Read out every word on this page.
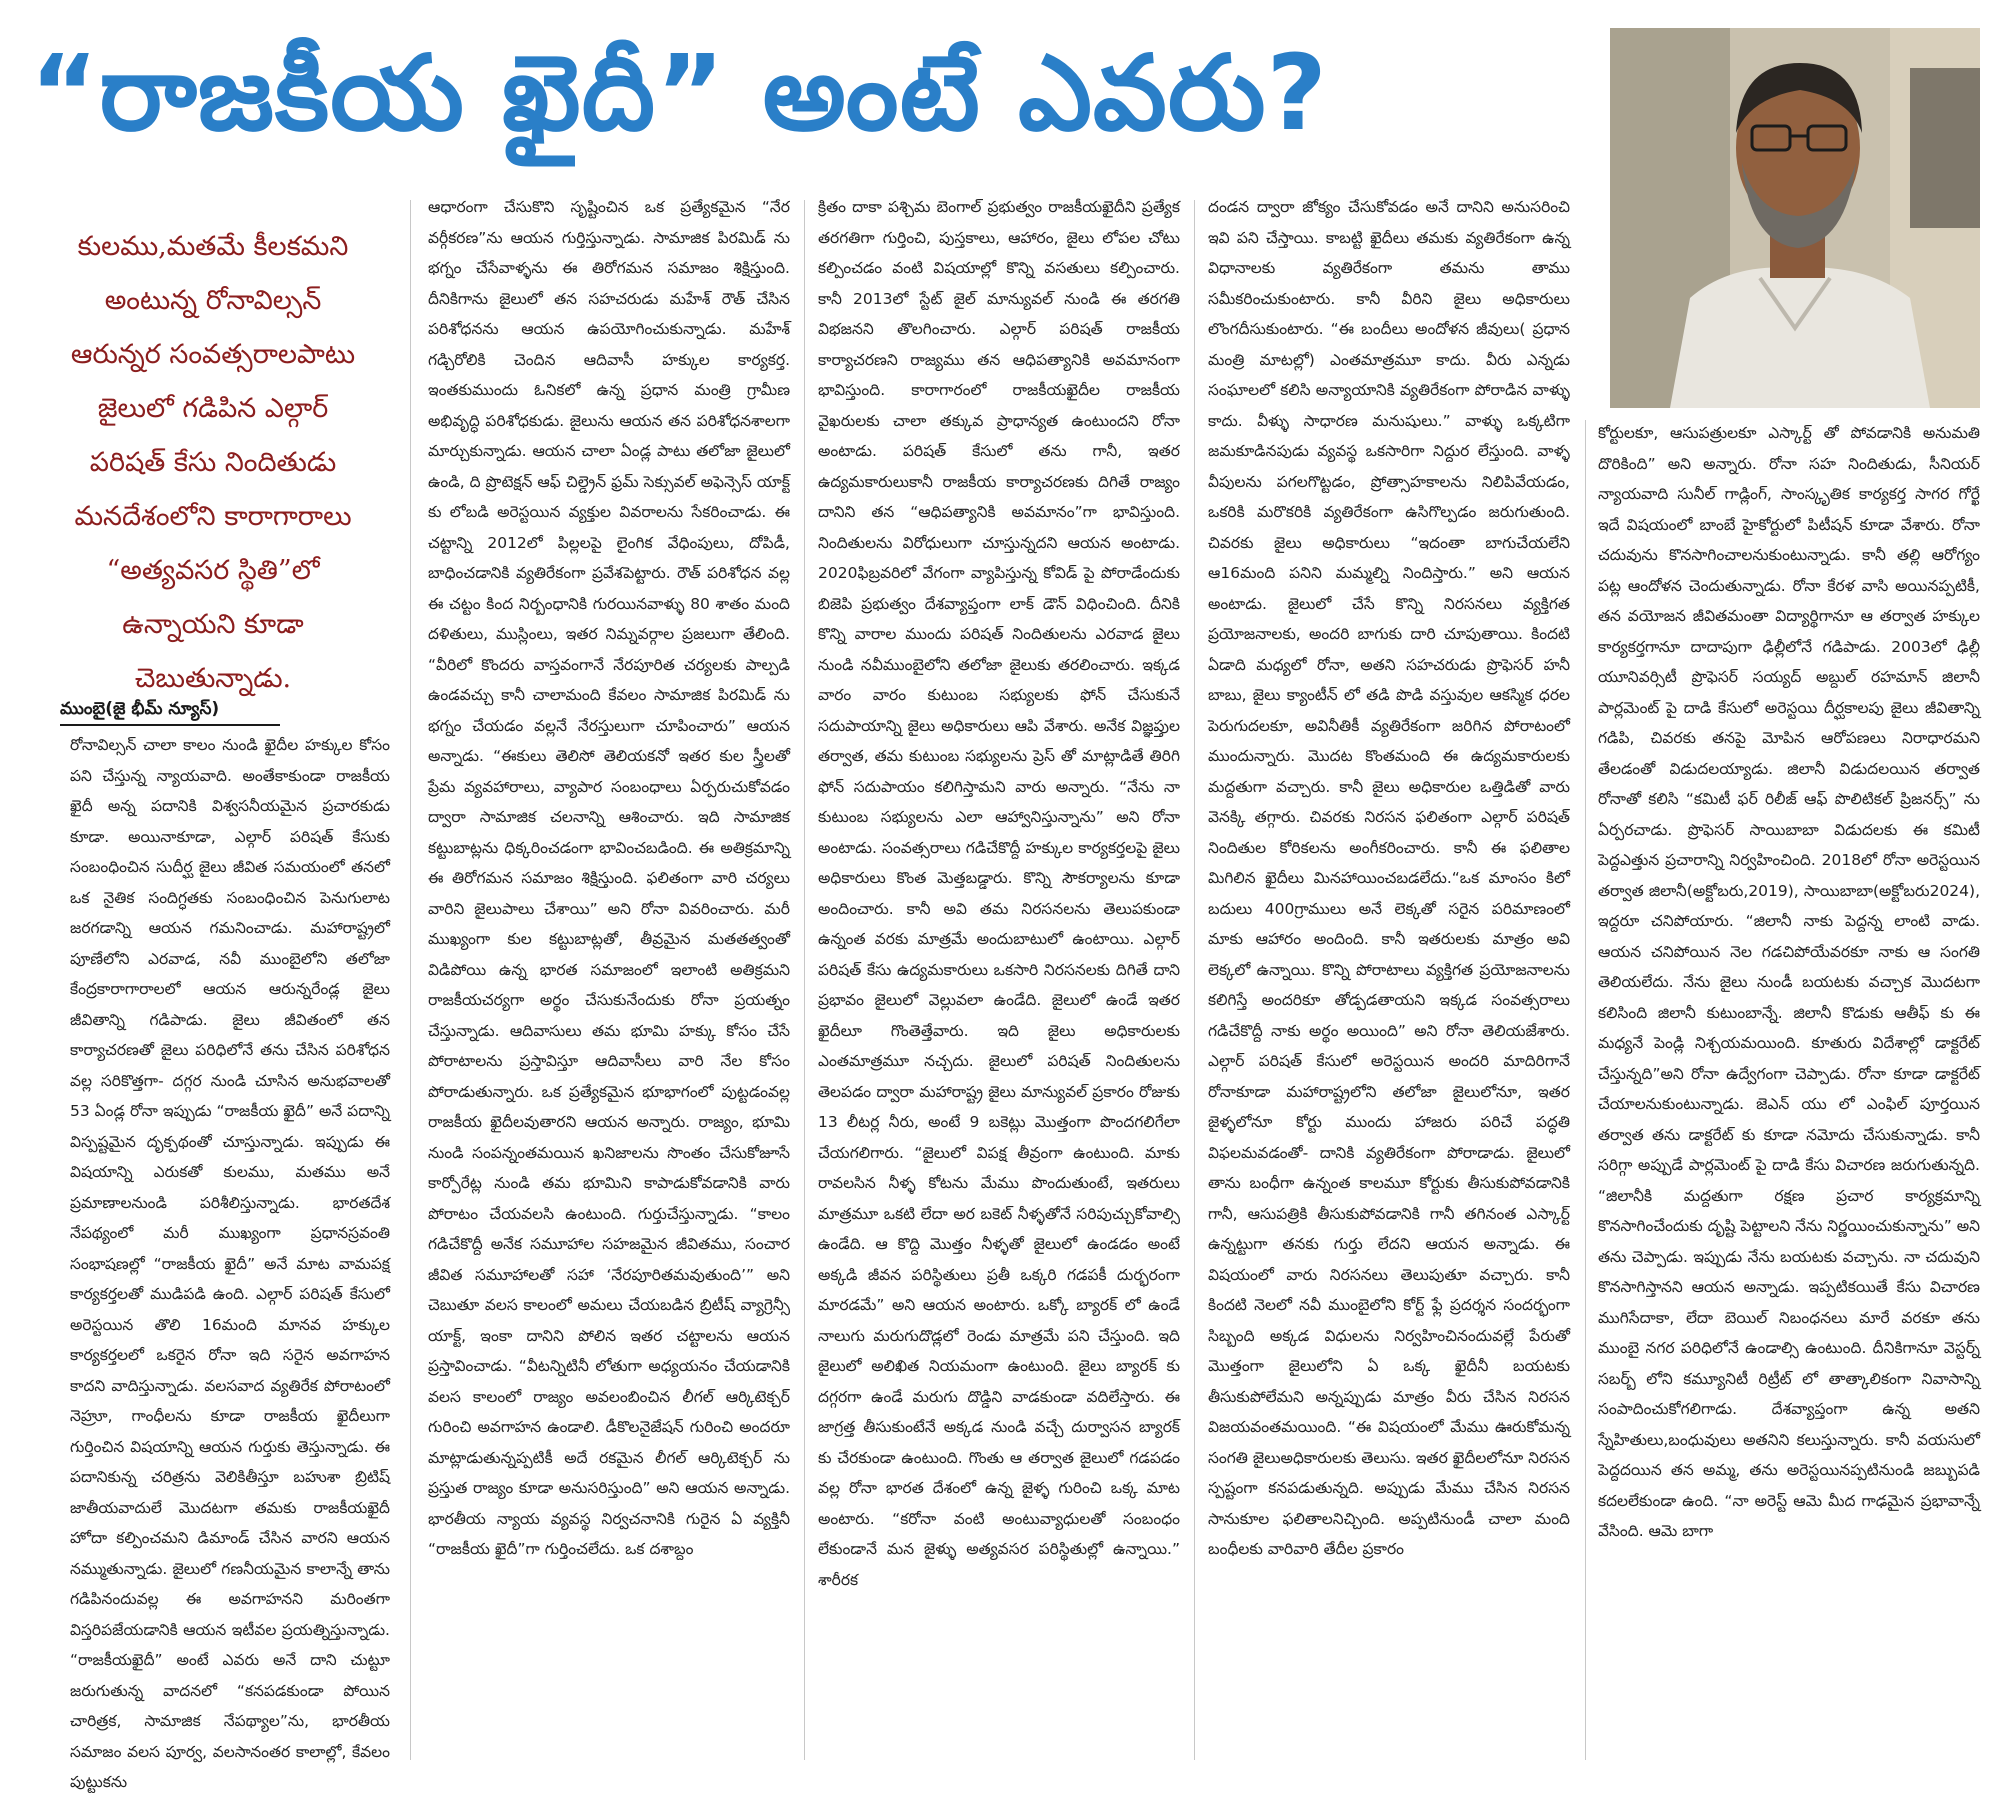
“రాజకీయ ఖైదీ” అంటే ఎవరు?
కులము,మతమే కీలకమని
అంటున్న రోనావిల్సన్
ఆరున్నర సంవత్సరాలపాటు
జైలులో గడిపిన ఎల్గార్
పరిషత్ కేసు నిందితుడు
మనదేశంలోని కారాగారాలు
“అత్యవసర స్థితి”లో
ఉన్నాయని కూడా
చెబుతున్నాడు.
ముంబై(జై భీమ్ న్యూస్)

రోనావిల్సన్ చాలా కాలం నుండి ఖైదీల హక్కుల కోసం పని చేస్తున్న న్యాయవాది. అంతేకాకుండా రాజకీయ ఖైదీ అన్న పదానికి విశ్వసనీయమైన ప్రచారకుడు కూడా. అయినాకూడా, ఎల్గార్ పరిషత్ కేసుకు సంబంధించిన సుదీర్ఘ జైలు జీవిత సమయంలో తనలో ఒక నైతిక సందిగ్ధతకు సంబంధించిన పెనుగులాట జరగడాన్ని ఆయన గమనించాడు. మహారాష్ట్రలో పూణేలోని ఎరవాడ, నవీ ముంబైలోని తలోజా కేంద్రకారాగారాలలో ఆయన ఆరున్నరేండ్ల జైలు జీవితాన్ని గడిపాడు. జైలు జీవితంలో తన కార్యాచరణతో జైలు పరిధిలోనే తను చేసిన పరిశోధన వల్ల సరికొత్తగా- దగ్గర నుండి చూసిన అనుభవాలతో 53 ఏండ్ల రోనా ఇప్పుడు “రాజకీయ ఖైదీ” అనే పదాన్ని విస్పష్టమైన దృక్పథంతో చూస్తున్నాడు. ఇప్పుడు ఈ విషయాన్ని ఎరుకతో కులము, మతము అనే ప్రమాణాలనుండి పరిశీలిస్తున్నాడు. భారతదేశ నేపథ్యంలో మరీ ముఖ్యంగా ప్రధానస్రవంతి సంభాషణల్లో “రాజకీయ ఖైదీ” అనే మాట వామపక్ష కార్యకర్తలతో ముడిపడి ఉంది. ఎల్గార్ పరిషత్ కేసులో అరెస్టయిన తొలి 16మంది మానవ హక్కుల కార్యకర్తలలో ఒకరైన రోనా ఇది సరైన అవగాహన కాదని వాదిస్తున్నాడు. వలసవాద వ్యతిరేక పోరాటంలో నెహ్రూ, గాంధీలను కూడా రాజకీయ ఖైదీలుగా గుర్తించిన విషయాన్ని ఆయన గుర్తుకు తెస్తున్నాడు. ఈ పదానికున్న చరిత్రను వెలికితీస్తూ బహుశా బ్రిటిష్ జాతీయవాదులే మొదటగా తమకు రాజకీయఖైదీ హోదా కల్పించమని డిమాండ్ చేసిన వారని ఆయన నమ్ముతున్నాడు. జైలులో గణనీయమైన కాలాన్నే తాను గడిపినందువల్ల ఈ అవగాహనని మరింతగా విస్తరిపజేయడానికి ఆయన ఇటీవల ప్రయత్నిస్తున్నాడు. “రాజకీయఖైదీ” అంటే ఎవరు అనే దాని చుట్టూ జరుగుతున్న వాదనలో “కనపడకుండా పోయిన చారిత్రక, సామాజిక నేపథ్యాల”ను, భారతీయ సమాజం వలస పూర్వ, వలసానంతర కాలాల్లో, కేవలం పుట్టుకను

ఆధారంగా చేసుకొని సృష్టించిన ఒక ప్రత్యేకమైన “నేర వర్గీకరణ”ను ఆయన గుర్తిస్తున్నాడు. సామాజిక పిరమిడ్ ను భగ్నం చేసేవాళ్ళను ఈ తిరోగమన సమాజం శిక్షిస్తుంది. దీనికిగాను జైలులో తన సహచరుడు మహేశ్ రౌత్ చేసిన పరిశోధనను ఆయన ఉపయోగించుకున్నాడు. మహేశ్ గడ్చిరోలికి చెందిన ఆదివాసీ హక్కుల కార్యకర్త. ఇంతకుముందు ఓనికలో ఉన్న ప్రధాన మంత్రి గ్రామీణ అభివృద్ధి పరిశోధకుడు. జైలును ఆయన తన పరిశోధనశాలగా మార్చుకున్నాడు. ఆయన చాలా ఏండ్ల పాటు తలోజా జైలులో ఉండి, ది ప్రొటెక్షన్ ఆఫ్ చిల్డ్రెన్ ఫ్రమ్ సెక్సువల్ అఫెన్సెస్ యాక్ట్ కు లోబడి అరెస్టయిన వ్యక్తుల వివరాలను సేకరించాడు. ఈ చట్టాన్ని 2012లో పిల్లలపై లైంగిక వేధింపులు, దోపిడీ, బాధించడానికి వ్యతిరేకంగా ప్రవేశపెట్టారు. రౌత్ పరిశోధన వల్ల ఈ చట్టం కింద నిర్బంధానికి గురయినవాళ్ళు 80 శాతం మంది దళితులు, ముస్లింలు, ఇతర నిమ్నవర్గాల ప్రజలుగా తేలింది. “వీరిలో కొందరు వాస్తవంగానే నేరపూరిత చర్యలకు పాల్పడి ఉండవచ్చు కానీ చాలామంది కేవలం సామాజిక పిరమిడ్ ను భగ్నం చేయడం వల్లనే నేరస్తులుగా చూపించారు” ఆయన అన్నాడు. “ఈకులు తెలిసో తెలియకనో ఇతర కుల స్త్రీలతో ప్రేమ వ్యవహారాలు, వ్యాపార సంబంధాలు ఏర్పరుచుకోవడం ద్వారా సామాజిక చలనాన్ని ఆశించారు. ఇది సామాజిక కట్టుబాట్లను ధిక్కరించడంగా భావించబడింది. ఈ అతిక్రమాన్ని ఈ తిరోగమన సమాజం శిక్షిస్తుంది. ఫలితంగా వారి చర్యలు వారిని జైలుపాలు చేశాయి” అని రోనా వివరించారు. మరీ ముఖ్యంగా కుల కట్టుబాట్లతో, తీవ్రమైన మతతత్వంతో విడిపోయి ఉన్న భారత సమాజంలో ఇలాంటి అతిక్రమని రాజకీయచర్యగా అర్థం చేసుకునేందుకు రోనా ప్రయత్నం చేస్తున్నాడు. ఆదివాసులు తమ భూమి హక్కు కోసం చేసే పోరాటాలను ప్రస్తావిస్తూ ఆదివాసీలు వారి నేల కోసం పోరాడుతున్నారు. ఒక ప్రత్యేకమైన భూభాగంలో పుట్టడంవల్ల రాజకీయ ఖైదీలవుతారని ఆయన అన్నారు. రాజ్యం, భూమి నుండి సంపన్నంతమయిన ఖనిజాలను సొంతం చేసుకోజూసే కార్పోరేట్ల నుండి తమ భూమిని కాపాడుకోవడానికి వారు పోరాటం చేయవలసి ఉంటుంది. గుర్తుచేస్తున్నాడు. “కాలం గడిచేకొద్దీ అనేక సమూహాల సహజమైన జీవితము, సంచార జీవిత సమూహాలతో సహా ‘నేరపూరితమవుతుంది’” అని చెబుతూ వలస కాలంలో అమలు చేయబడిన బ్రిటీష్ వ్యాగ్రెన్సీ యాక్ట్, ఇంకా దానిని పోలిన ఇతర చట్టాలను ఆయన ప్రస్తావించాడు. “వీటన్నిటినీ లోతుగా అధ్యయనం చేయడానికి వలస కాలంలో రాజ్యం అవలంబించిన లీగల్ ఆర్కిటెక్చర్ గురించి అవగాహన ఉండాలి. డీకొలనైజేషన్ గురించి అందరూ మాట్లాడుతున్నప్పటికీ అదే రకమైన లీగల్ ఆర్కిటెక్చర్ ను ప్రస్తుత రాజ్యం కూడా అనుసరిస్తుంది” అని ఆయన అన్నాడు. భారతీయ న్యాయ వ్యవస్థ నిర్వచనానికి గురైన ఏ వ్యక్తినీ “రాజకీయ ఖైదీ”గా గుర్తించలేదు. ఒక దశాబ్దం

క్రితం దాకా పశ్చిమ బెంగాల్ ప్రభుత్వం రాజకీయఖైదీని ప్రత్యేక తరగతిగా గుర్తించి, పుస్తకాలు, ఆహారం, జైలు లోపల చోటు కల్పించడం వంటి విషయాల్లో కొన్ని వసతులు కల్పించారు. కానీ 2013లో స్టేట్ జైల్ మాన్యువల్ నుండి ఈ తరగతి విభజనని తొలగించారు. ఎల్గార్ పరిషత్ రాజకీయ కార్యాచరణని రాజ్యము తన ఆధిపత్యానికి అవమానంగా భావిస్తుంది. కారాగారంలో రాజకీయఖైదీల రాజకీయ వైఖరులకు చాలా తక్కువ ప్రాధాన్యత ఉంటుందని రోనా అంటాడు. పరిషత్ కేసులో తను గానీ, ఇతర ఉద్యమకారులుకానీ రాజకీయ కార్యాచరణకు దిగితే రాజ్యం దానిని తన “ఆధిపత్యానికి అవమానం”గా భావిస్తుంది. నిందితులను విరోధులుగా చూస్తున్నదని ఆయన అంటాడు. 2020ఫిబ్రవరిలో వేగంగా వ్యాపిస్తున్న కోవిడ్ పై పోరాడేందుకు బిజెపి ప్రభుత్వం దేశవ్యాప్తంగా లాక్ డౌన్ విధించింది. దీనికి కొన్ని వారాల ముందు పరిషత్ నిందితులను ఎరవాడ జైలు నుండి నవీముంబైలోని తలోజా జైలుకు తరలించారు. ఇక్కడ వారం వారం కుటుంబ సభ్యులకు ఫోన్ చేసుకునే సదుపాయాన్ని జైలు అధికారులు ఆపి వేశారు. అనేక విజ్ఞప్తుల తర్వాత, తమ కుటుంబ సభ్యులను ప్రెస్ తో మాట్లాడితే తిరిగి ఫోన్ సదుపాయం కలిగిస్తామని వారు అన్నారు. “నేను నా కుటుంబ సభ్యులను ఎలా ఆహ్వానిస్తున్నాను” అని రోనా అంటాడు. సంవత్సరాలు గడిచేకొద్దీ హక్కుల కార్యకర్తలపై జైలు అధికారులు కొంత మెత్తబడ్డారు. కొన్ని సౌకర్యాలను కూడా అందించారు. కానీ అవి తమ నిరసనలను తెలుపకుండా ఉన్నంత వరకు మాత్రమే అందుబాటులో ఉంటాయి. ఎల్గార్ పరిషత్ కేసు ఉద్యమకారులు ఒకసారి నిరసనలకు దిగితే దాని ప్రభావం జైలులో వెల్లువలా ఉండేది. జైలులో ఉండే ఇతర ఖైదీలూ గొంతెత్తేవారు. ఇది జైలు అధికారులకు ఎంతమాత్రమూ నచ్చదు. జైలులో పరిషత్ నిందితులను తెలపడం ద్వారా మహారాష్ట్ర జైలు మాన్యువల్ ప్రకారం రోజుకు 13 లీటర్ల నీరు, అంటే 9 బకెట్లు మొత్తంగా పొందగలిగేలా చేయగలిగారు. “జైలులో విపక్ష తీవ్రంగా ఉంటుంది. మాకు రావలసిన నీళ్ళ కోటను మేము పొందుతుంటే, ఇతరులు మాత్రమూ ఒకటి లేదా అర బకెట్ నీళ్ళతోనే సరిపుచ్చుకోవాల్సి ఉండేది. ఆ కొద్ది మొత్తం నీళ్ళతో జైలులో ఉండడం అంటే అక్కడి జీవన పరిస్థితులు ప్రతీ ఒక్కరి గడపకీ దుర్భరంగా మారడమే” అని ఆయన అంటారు. ఒక్కో బ్యారక్ లో ఉండే నాలుగు మరుగుదొడ్లలో రెండు మాత్రమే పని చేస్తుంది. ఇది జైలులో అలిఖిత నియమంగా ఉంటుంది. జైలు బ్యారక్ కు దగ్గరగా ఉండే మరుగు దొడ్డిని వాడకుండా వదిలేస్తారు. ఈ జాగ్రత్త తీసుకుంటేనే అక్కడ నుండి వచ్చే దుర్వాసన బ్యారక్ కు చేరకుండా ఉంటుంది. గొంతు ఆ తర్వాత జైలులో గడపడం వల్ల రోనా భారత దేశంలో ఉన్న జైళ్ళ గురించి ఒక్క మాట అంటారు. “కరోనా వంటి అంటువ్యాధులతో సంబంధం లేకుండానే మన జైళ్ళు అత్యవసర పరిస్థితుల్లో ఉన్నాయి.” శారీరక

దండన ద్వారా జోక్యం చేసుకోవడం అనే దానిని అనుసరించి ఇవి పని చేస్తాయి. కాబట్టి ఖైదీలు తమకు వ్యతిరేకంగా ఉన్న విధానాలకు వ్యతిరేకంగా తమను తాము సమీకరించుకుంటారు. కానీ వీరిని జైలు అధికారులు లొంగదీసుకుంటారు. “ఈ బందీలు అందోళన జీవులు( ప్రధాన మంత్రి మాటల్లో) ఎంతమాత్రమూ కాదు. వీరు ఎన్నడు సంఘాలలో కలిసి అన్యాయానికి వ్యతిరేకంగా పోరాడిన వాళ్ళు కాదు. వీళ్ళు సాధారణ మనుషులు.” వాళ్ళు ఒక్కటిగా జమకూడినపుడు వ్యవస్థ ఒకసారిగా నిద్దుర లేస్తుంది. వాళ్ళ వీపులను పగలగొట్టడం, ప్రోత్సాహకాలను నిలిపివేయడం, ఒకరికి మరొకరికి వ్యతిరేకంగా ఉసిగొల్పడం జరుగుతుంది. చివరకు జైలు అధికారులు “ఇదంతా బాగుచేయలేని ఆ16మంది పనిని మమ్మల్ని నిందిస్తారు.” అని ఆయన అంటాడు. జైలులో చేసే కొన్ని నిరసనలు వ్యక్తిగత ప్రయోజనాలకు, అందరి బాగుకు దారి చూపుతాయి. కిందటి ఏడాది మధ్యలో రోనా, అతని సహచరుడు ప్రొఫెసర్ హనీ బాబు, జైలు క్యాంటీన్ లో తడి పొడి వస్తువుల ఆకస్మిక ధరల పెరుగుదలకూ, అవినీతికీ వ్యతిరేకంగా జరిగిన పోరాటంలో ముందున్నారు. మొదట కొంతమంది ఈ ఉద్యమకారులకు మద్దతుగా వచ్చారు. కానీ జైలు అధికారుల ఒత్తిడితో వారు వెనక్కి తగ్గారు. చివరకు నిరసన ఫలితంగా ఎల్గార్ పరిషత్ నిందితుల కోరికలను అంగీకరించారు. కానీ ఈ ఫలితాల మిగిలిన ఖైదీలు మినహాయించబడలేదు.“ఒక మాంసం కిలో బదులు 400గ్రాములు అనే లెక్కతో సరైన పరిమాణంలో మాకు ఆహారం అందింది. కానీ ఇతరులకు మాత్రం అవి లెక్కలో ఉన్నాయి. కొన్ని పోరాటాలు వ్యక్తిగత ప్రయోజనాలను కలిగిస్తే అందరికూ తోడ్పడతాయని ఇక్కడ సంవత్సరాలు గడిచేకొద్దీ నాకు అర్థం అయింది” అని రోనా తెలియజేశారు. ఎల్గార్ పరిషత్ కేసులో అరెస్టయిన అందరి మాదిరిగానే రోనాకూడా మహారాష్ట్రలోని తలోజా జైలులోనూ, ఇతర జైళ్ళలోనూ కోర్టు ముందు హాజరు పరిచే పద్ధతి విఫలమవడంతో- దానికి వ్యతిరేకంగా పోరాడాడు. జైలులో తాను బంధీగా ఉన్నంత కాలమూ కోర్టుకు తీసుకుపోవడానికి గానీ, ఆసుపత్రికి తీసుకుపోవడానికి గానీ తగినంత ఎస్కార్ట్ ఉన్నట్టుగా తనకు గుర్తు లేదని ఆయన అన్నాడు. ఈ విషయంలో వారు నిరసనలు తెలుపుతూ వచ్చారు. కానీ కిందటి నెలలో నవీ ముంబైలోని కోర్ట్ ఫ్లే ప్రదర్శన సందర్భంగా సిబ్బంది అక్కడ విధులను నిర్వహించినందువల్లే పేరుతో మొత్తంగా జైలులోని ఏ ఒక్క ఖైదీనీ బయటకు తీసుకుపోలేమని అన్నప్పుడు మాత్రం వీరు చేసిన నిరసన విజయవంతమయింది. “ఈ విషయంలో మేము ఊరుకోమన్న సంగతి జైలుఅధికారులకు తెలుసు. ఇతర ఖైదీలలోనూ నిరసన స్పష్టంగా కనపడుతున్నది. అప్పుడు మేము చేసిన నిరసన సానుకూల ఫలితాలనిచ్చింది. అప్పటినుండీ చాలా మంది బంధీలకు వారివారి తేదీల ప్రకారం

కోర్టులకూ, ఆసుపత్రులకూ ఎస్కార్ట్ తో పోవడానికి అనుమతి దొరికింది” అని అన్నారు. రోనా సహ నిందితుడు, సీనియర్ న్యాయవాది సునీల్ గాడ్లింగ్, సాంస్కృతిక కార్యకర్త సాగర గోర్ఖే ఇదే విషయంలో బాంబే హైకోర్టులో పిటీషన్ కూడా వేశారు. రోనా చదువును కొనసాగించాలనుకుంటున్నాడు. కానీ తల్లి ఆరోగ్యం పట్ల ఆందోళన చెందుతున్నాడు. రోనా కేరళ వాసి అయినప్పటికీ, తన వయోజన జీవితమంతా విద్యార్థిగానూ ఆ తర్వాత హక్కుల కార్యకర్తగానూ దాదాపుగా ఢిల్లీలోనే గడిపాడు. 2003లో ఢిల్లీ యూనివర్సిటీ ప్రొఫెసర్ సయ్యద్ అబ్దుల్ రహమాన్ జిలానీ పార్లమెంట్ పై దాడి కేసులో అరెస్టయి దీర్ఘకాలపు జైలు జీవితాన్ని గడిపి, చివరకు తనపై మోపిన ఆరోపణలు నిరాధారమని తేలడంతో విడుదలయ్యాడు. జిలానీ విడుదలయిన తర్వాత రోనాతో కలిసి “కమిటీ ఫర్ రిలీజ్ ఆఫ్ పొలిటికల్ ప్రిజనర్స్” ను ఏర్పరచాడు. ప్రొఫెసర్ సాయిబాబా విడుదలకు ఈ కమిటీ పెద్దఎత్తున ప్రచారాన్ని నిర్వహించింది. 2018లో రోనా అరెస్టయిన తర్వాత జిలానీ(అక్టోబరు,2019), సాయిబాబా(అక్టోబరు2024), ఇద్దరూ చనిపోయారు. “జిలానీ నాకు పెద్దన్న లాంటి వాడు. ఆయన చనిపోయిన నెల గడచిపోయేవరకూ నాకు ఆ సంగతి తెలియలేదు. నేను జైలు నుండీ బయటకు వచ్చాక మొదటగా కలిసింది జిలానీ కుటుంబాన్నే. జిలానీ కొడుకు ఆతీఫ్ కు ఈ మధ్యనే పెండ్లి నిశ్చయమయింది. కూతురు విదేశాల్లో డాక్టరేట్ చేస్తున్నది”అని రోనా ఉద్వేగంగా చెప్పాడు. రోనా కూడా డాక్టరేట్ చేయాలనుకుంటున్నాడు. జెఎన్ యు లో ఎంఫిల్ పూర్తయిన తర్వాత తను డాక్టరేట్ కు కూడా నమోదు చేసుకున్నాడు. కానీ సరిగ్గా అప్పుడే పార్లమెంట్ పై దాడి కేసు విచారణ జరుగుతున్నది. “జిలానీకి మద్దతుగా రక్షణ ప్రచార కార్యక్రమాన్ని కొనసాగించేందుకు దృష్టి పెట్టాలని నేను నిర్ణయించుకున్నాను” అని తను చెప్పాడు. ఇప్పుడు నేను బయటకు వచ్చాను. నా చదువుని కొనసాగిస్తానని ఆయన అన్నాడు. ఇప్పటికయితే కేసు విచారణ ముగిసేదాకా, లేదా బెయిల్ నిబంధనలు మారే వరకూ తను ముంబై నగర పరిధిలోనే ఉండాల్సి ఉంటుంది. దీనికిగానూ వెస్టర్న్ సబర్బ్ లోని కమ్యూనిటీ రిట్రీట్ లో తాత్కాలికంగా నివాసాన్ని సంపాదించుకోగలిగాడు. దేశవ్యాప్తంగా ఉన్న అతని స్నేహితులు,బంధువులు అతనిని కలుస్తున్నారు. కానీ వయసులో పెద్దదయిన తన అమ్మ, తను అరెస్టయినప్పటినుండి జబ్బుపడి కదలలేకుండా ఉంది. “నా అరెస్ట్ ఆమె మీద గాఢమైన ప్రభావాన్నే వేసింది. ఆమె బాగా
